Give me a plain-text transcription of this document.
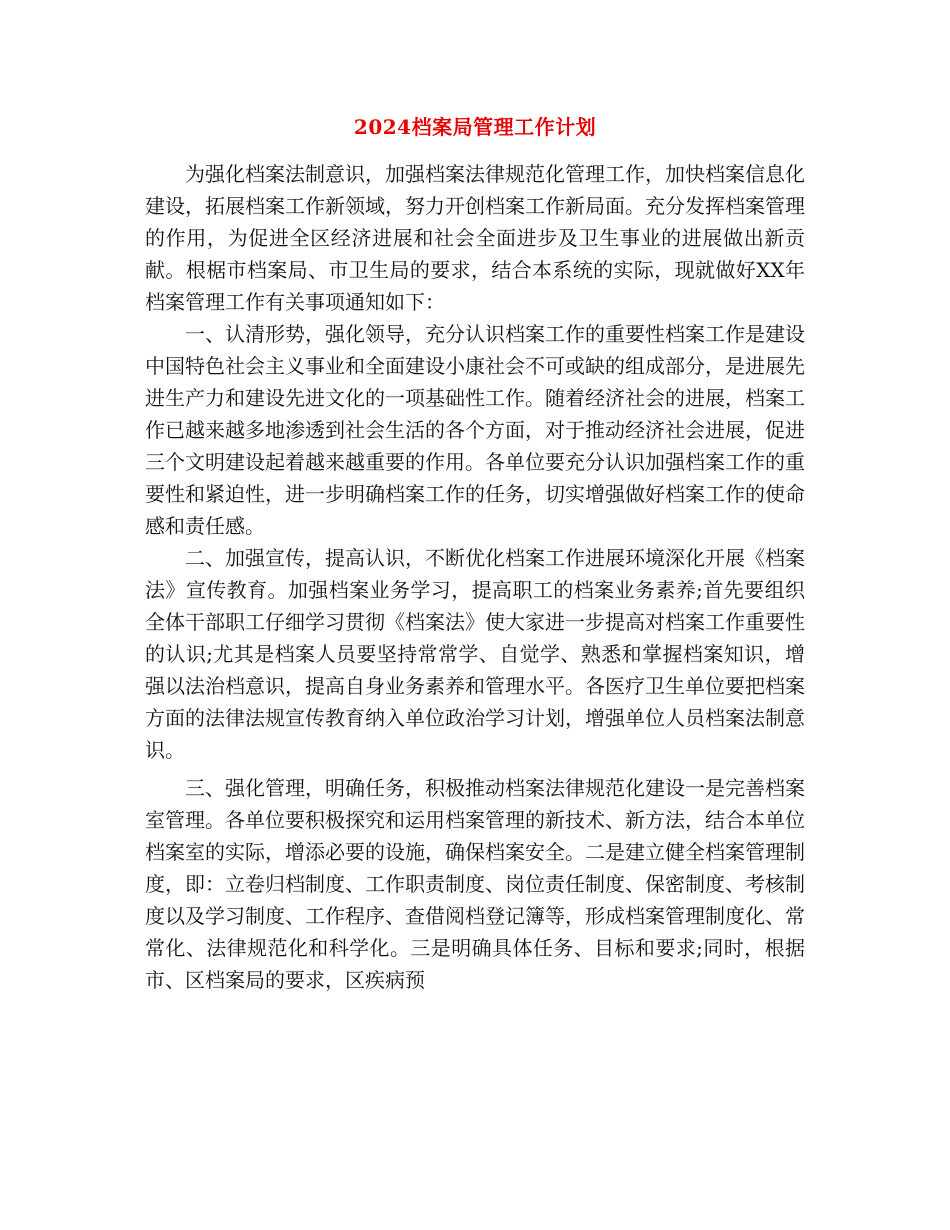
2024档案局管理工作计划

为强化档案法制意识，加强档案法律规范化管理工作，加快档案信息化建设，拓展档案工作新领域，努力开创档案工作新局面。充分发挥档案管理的作用，为促进全区经济进展和社会全面进步及卫生事业的进展做出新贡献。根椐市档案局、市卫生局的要求，结合本系统的实际，现就做好XX年档案管理工作有关事项通知如下：

一、认清形势，强化领导，充分认识档案工作的重要性档案工作是建设中国特色社会主义事业和全面建设小康社会不可或缺的组成部分，是进展先进生产力和建设先进文化的一项基础性工作。随着经济社会的进展，档案工作已越来越多地渗透到社会生活的各个方面，对于推动经济社会进展，促进三个文明建设起着越来越重要的作用。各单位要充分认识加强档案工作的重要性和紧迫性，进一步明确档案工作的任务，切实增强做好档案工作的使命感和责任感。

二、加强宣传，提高认识，不断优化档案工作进展环境深化开展《档案法》宣传教育。加强档案业务学习，提高职工的档案业务素养;首先要组织全体干部职工仔细学习贯彻《档案法》使大家进一步提高对档案工作重要性的认识;尤其是档案人员要坚持常常学、自觉学、熟悉和掌握档案知识，增强以法治档意识，提高自身业务素养和管理水平。各医疗卫生单位要把档案方面的法律法规宣传教育纳入单位政治学习计划，增强单位人员档案法制意识。

三、强化管理，明确任务，积极推动档案法律规范化建设一是完善档案室管理。各单位要积极探究和运用档案管理的新技术、新方法，结合本单位档案室的实际，增添必要的设施，确保档案安全。二是建立健全档案管理制度，即：立卷归档制度、工作职责制度、岗位责任制度、保密制度、考核制度以及学习制度、工作程序、查借阅档登记簿等，形成档案管理制度化、常常化、法律规范化和科学化。三是明确具体任务、目标和要求;同时，根据市、区档案局的要求，区疾病预
